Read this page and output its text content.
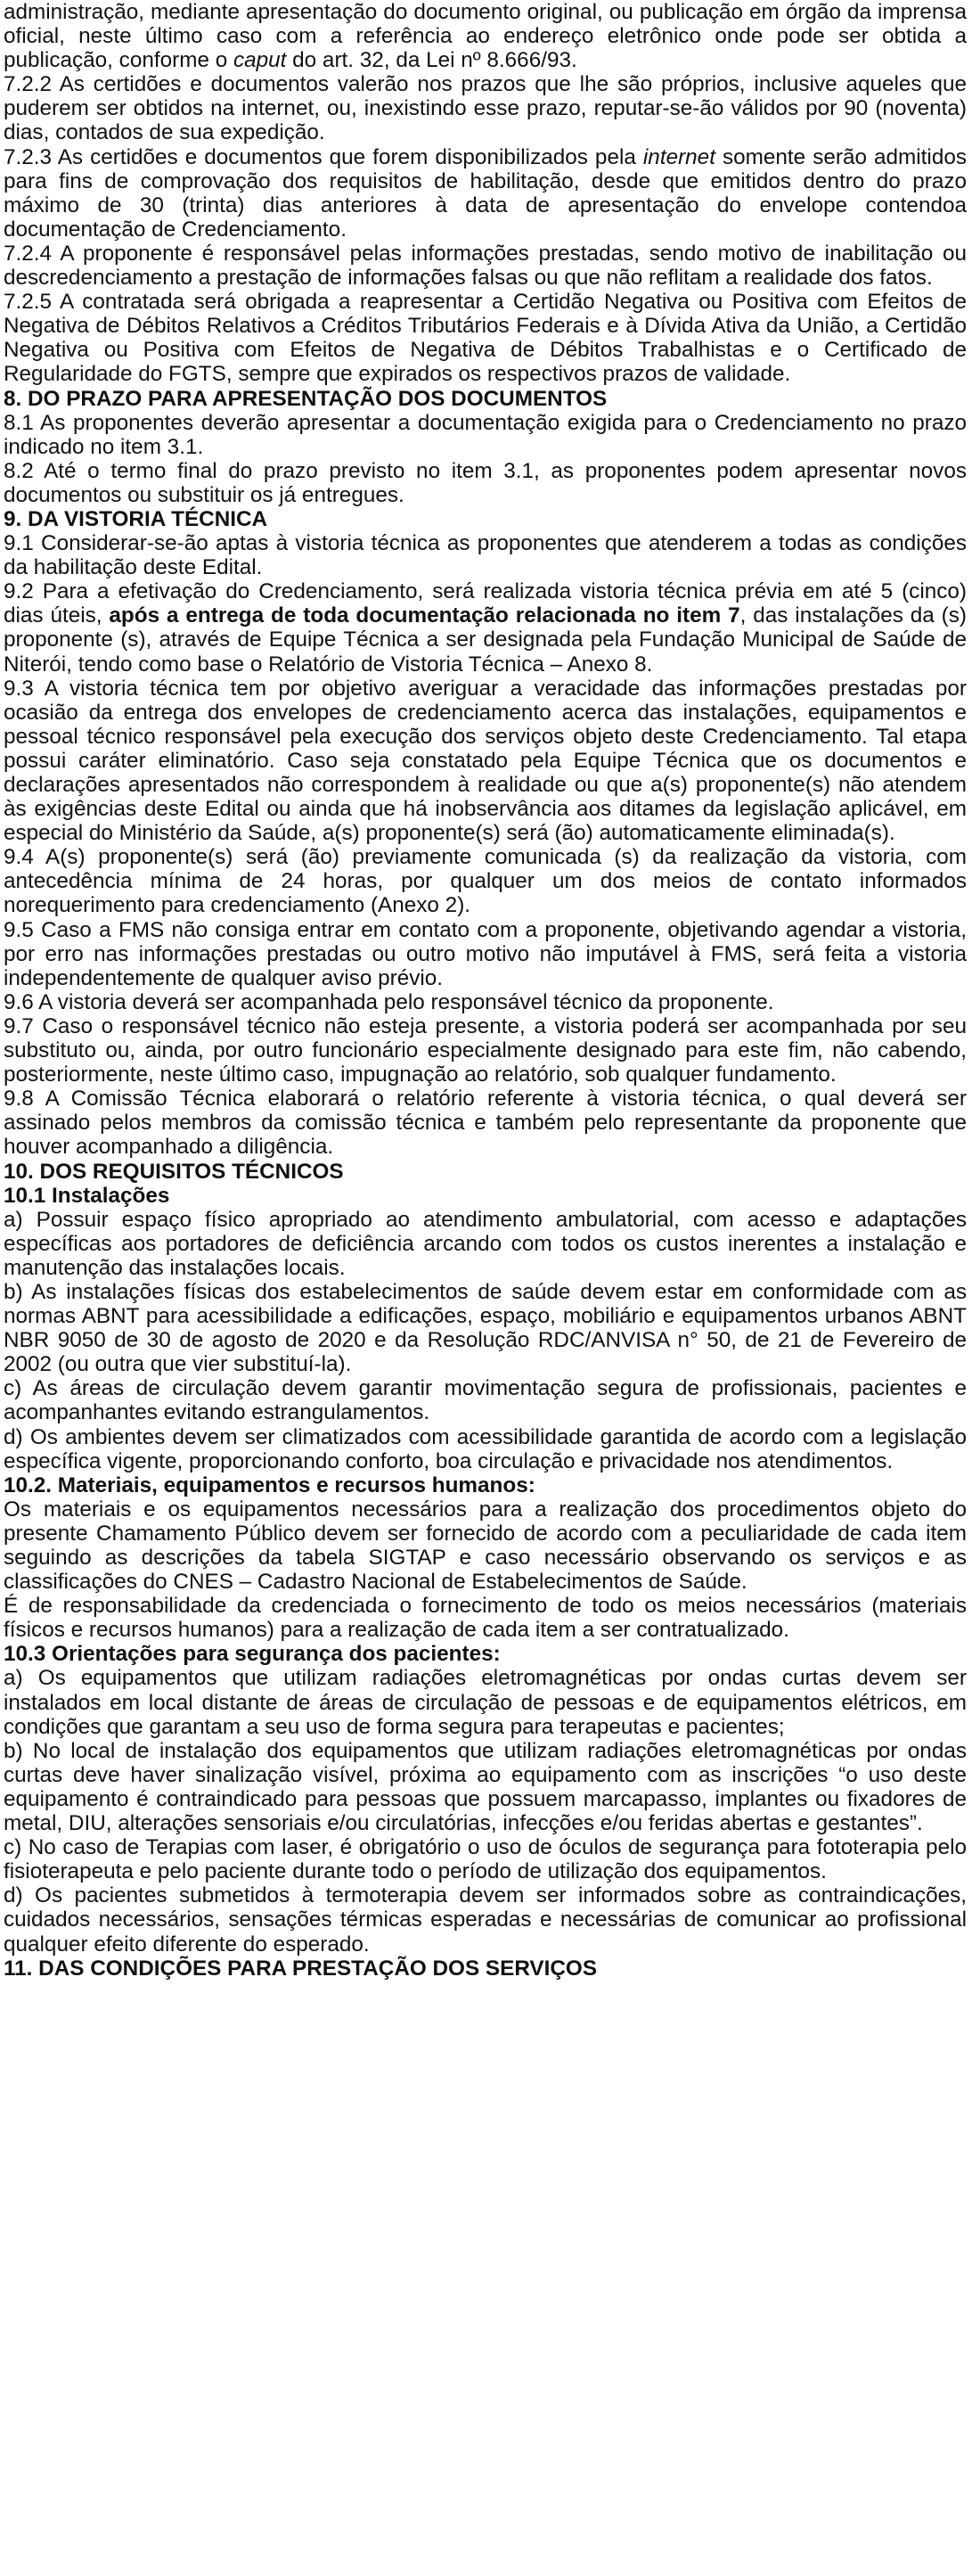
administração, mediante apresentação do documento original, ou publicação em órgão da imprensa oficial, neste último caso com a referência ao endereço eletrônico onde pode ser obtida a publicação, conforme o caput do art. 32, da Lei nº 8.666/93.

7.2.2 As certidões e documentos valerão nos prazos que lhe são próprios, inclusive aqueles que puderem ser obtidos na internet, ou, inexistindo esse prazo, reputar-se-ão válidos por 90 (noventa) dias, contados de sua expedição.

7.2.3 As certidões e documentos que forem disponibilizados pela internet somente serão admitidos para fins de comprovação dos requisitos de habilitação, desde que emitidos dentro do prazo máximo de 30 (trinta) dias anteriores à data de apresentação do envelope contendoa documentação de Credenciamento.

7.2.4 A proponente é responsável pelas informações prestadas, sendo motivo de inabilitação ou descredenciamento a prestação de informações falsas ou que não reflitam a realidade dos fatos.

7.2.5 A contratada será obrigada a reapresentar a Certidão Negativa ou Positiva com Efeitos de Negativa de Débitos Relativos a Créditos Tributários Federais e à Dívida Ativa da União, a Certidão Negativa ou Positiva com Efeitos de Negativa de Débitos Trabalhistas e o Certificado de Regularidade do FGTS, sempre que expirados os respectivos prazos de validade.

8. DO PRAZO PARA APRESENTAÇÃO DOS DOCUMENTOS

8.1 As proponentes deverão apresentar a documentação exigida para o Credenciamento no prazo indicado no item 3.1.

8.2 Até o termo final do prazo previsto no item 3.1, as proponentes podem apresentar novos documentos ou substituir os já entregues.

9. DA VISTORIA TÉCNICA

9.1 Considerar-se-ão aptas à vistoria técnica as proponentes que atenderem a todas as condições da habilitação deste Edital.

9.2 Para a efetivação do Credenciamento, será realizada vistoria técnica prévia em até 5 (cinco) dias úteis, após a entrega de toda documentação relacionada no item 7, das instalações da (s) proponente (s), através de Equipe Técnica a ser designada pela Fundação Municipal de Saúde de Niterói, tendo como base o Relatório de Vistoria Técnica – Anexo 8.

9.3 A vistoria técnica tem por objetivo averiguar a veracidade das informações prestadas por ocasião da entrega dos envelopes de credenciamento acerca das instalações, equipamentos e pessoal técnico responsável pela execução dos serviços objeto deste Credenciamento. Tal etapa possui caráter eliminatório. Caso seja constatado pela Equipe Técnica que os documentos e declarações apresentados não correspondem à realidade ou que a(s) proponente(s) não atendem às exigências deste Edital ou ainda que há inobservância aos ditames da legislação aplicável, em especial do Ministério da Saúde, a(s) proponente(s) será (ão) automaticamente eliminada(s).

9.4 A(s) proponente(s) será (ão) previamente comunicada (s) da realização da vistoria, com antecedência mínima de 24 horas, por qualquer um dos meios de contato informados norequerimento para credenciamento (Anexo 2).

9.5 Caso a FMS não consiga entrar em contato com a proponente, objetivando agendar a vistoria, por erro nas informações prestadas ou outro motivo não imputável à FMS, será feita a vistoria independentemente de qualquer aviso prévio.

9.6 A vistoria deverá ser acompanhada pelo responsável técnico da proponente.

9.7 Caso o responsável técnico não esteja presente, a vistoria poderá ser acompanhada por seu substituto ou, ainda, por outro funcionário especialmente designado para este fim, não cabendo, posteriormente, neste último caso, impugnação ao relatório, sob qualquer fundamento.

9.8 A Comissão Técnica elaborará o relatório referente à vistoria técnica, o qual deverá ser assinado pelos membros da comissão técnica e também pelo representante da proponente que houver acompanhado a diligência.

10. DOS REQUISITOS TÉCNICOS
10.1 Instalações

a) Possuir espaço físico apropriado ao atendimento ambulatorial, com acesso e adaptações específicas aos portadores de deficiência arcando com todos os custos inerentes a instalação e manutenção das instalações locais.

b) As instalações físicas dos estabelecimentos de saúde devem estar em conformidade com as normas ABNT para acessibilidade a edificações, espaço, mobiliário e equipamentos urbanos ABNT NBR 9050 de 30 de agosto de 2020 e da Resolução RDC/ANVISA n° 50, de 21 de Fevereiro de 2002 (ou outra que vier substituí-la).

c) As áreas de circulação devem garantir movimentação segura de profissionais, pacientes e acompanhantes evitando estrangulamentos.

d) Os ambientes devem ser climatizados com acessibilidade garantida de acordo com a legislação específica vigente, proporcionando conforto, boa circulação e privacidade nos atendimentos.

10.2. Materiais, equipamentos e recursos humanos:

Os materiais e os equipamentos necessários para a realização dos procedimentos objeto do presente Chamamento Público devem ser fornecido de acordo com a peculiaridade de cada item seguindo as descrições da tabela SIGTAP e caso necessário observando os serviços e as classificações do CNES – Cadastro Nacional de Estabelecimentos de Saúde.

É de responsabilidade da credenciada o fornecimento de todo os meios necessários (materiais físicos e recursos humanos) para a realização de cada item a ser contratualizado.

10.3 Orientações para segurança dos pacientes:

a) Os equipamentos que utilizam radiações eletromagnéticas por ondas curtas devem ser instalados em local distante de áreas de circulação de pessoas e de equipamentos elétricos, em condições que garantam a seu uso de forma segura para terapeutas e pacientes;

b) No local de instalação dos equipamentos que utilizam radiações eletromagnéticas por ondas curtas deve haver sinalização visível, próxima ao equipamento com as inscrições “o uso deste equipamento é contraindicado para pessoas que possuem marcapasso, implantes ou fixadores de metal, DIU, alterações sensoriais e/ou circulatórias, infecções e/ou feridas abertas e gestantes”.

c) No caso de Terapias com laser, é obrigatório o uso de óculos de segurança para fototerapia pelo fisioterapeuta e pelo paciente durante todo o período de utilização dos equipamentos.

d) Os pacientes submetidos à termoterapia devem ser informados sobre as contraindicações, cuidados necessários, sensações térmicas esperadas e necessárias de comunicar ao profissional qualquer efeito diferente do esperado.

11. DAS CONDIÇÕES PARA PRESTAÇÃO DOS SERVIÇOS
